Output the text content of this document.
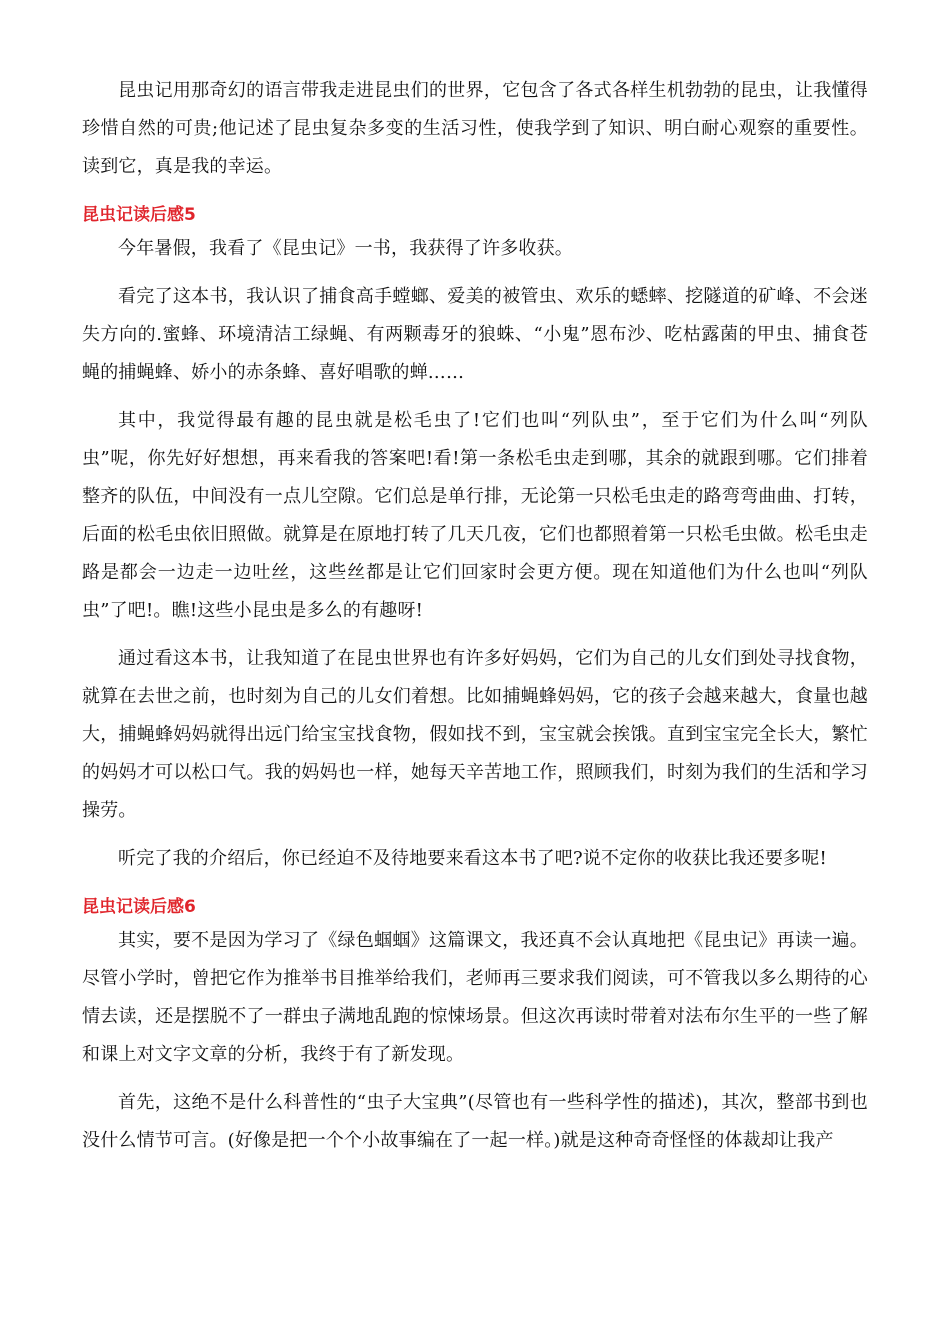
昆虫记用那奇幻的语言带我走进昆虫们的世界，它包含了各式各样生机勃勃的昆虫，让我懂得珍惜自然的可贵;他记述了昆虫复杂多变的生活习性，使我学到了知识、明白耐心观察的重要性。读到它，真是我的幸运。

昆虫记读后感5

今年暑假，我看了《昆虫记》一书，我获得了许多收获。

看完了这本书，我认识了捕食高手螳螂、爱美的被管虫、欢乐的蟋蟀、挖隧道的矿峰、不会迷失方向的.蜜蜂、环境清洁工绿蝇、有两颗毒牙的狼蛛、“小鬼”恩布沙、吃枯露菌的甲虫、捕食苍蝇的捕蝇蜂、娇小的赤条蜂、喜好唱歌的蝉……

其中，我觉得最有趣的昆虫就是松毛虫了!它们也叫“列队虫”，至于它们为什么叫“列队虫”呢，你先好好想想，再来看我的答案吧!看!第一条松毛虫走到哪，其余的就跟到哪。它们排着整齐的队伍，中间没有一点儿空隙。它们总是单行排，无论第一只松毛虫走的路弯弯曲曲、打转，后面的松毛虫依旧照做。就算是在原地打转了几天几夜，它们也都照着第一只松毛虫做。松毛虫走路是都会一边走一边吐丝，这些丝都是让它们回家时会更方便。现在知道他们为什么也叫“列队虫”了吧!。瞧!这些小昆虫是多么的有趣呀!

通过看这本书，让我知道了在昆虫世界也有许多好妈妈，它们为自己的儿女们到处寻找食物，就算在去世之前，也时刻为自己的儿女们着想。比如捕蝇蜂妈妈，它的孩子会越来越大，食量也越大，捕蝇蜂妈妈就得出远门给宝宝找食物，假如找不到，宝宝就会挨饿。直到宝宝完全长大，繁忙的妈妈才可以松口气。我的妈妈也一样，她每天辛苦地工作，照顾我们，时刻为我们的生活和学习操劳。

听完了我的介绍后，你已经迫不及待地要来看这本书了吧?说不定你的收获比我还要多呢!

昆虫记读后感6

其实，要不是因为学习了《绿色蝈蝈》这篇课文，我还真不会认真地把《昆虫记》再读一遍。尽管小学时，曾把它作为推举书目推举给我们，老师再三要求我们阅读，可不管我以多么期待的心情去读，还是摆脱不了一群虫子满地乱跑的惊悚场景。但这次再读时带着对法布尔生平的一些了解和课上对文字文章的分析，我终于有了新发现。

首先，这绝不是什么科普性的“虫子大宝典”(尽管也有一些科学性的描述)，其次，整部书到也没什么情节可言。(好像是把一个个小故事编在了一起一样。)就是这种奇奇怪怪的体裁却让我产
